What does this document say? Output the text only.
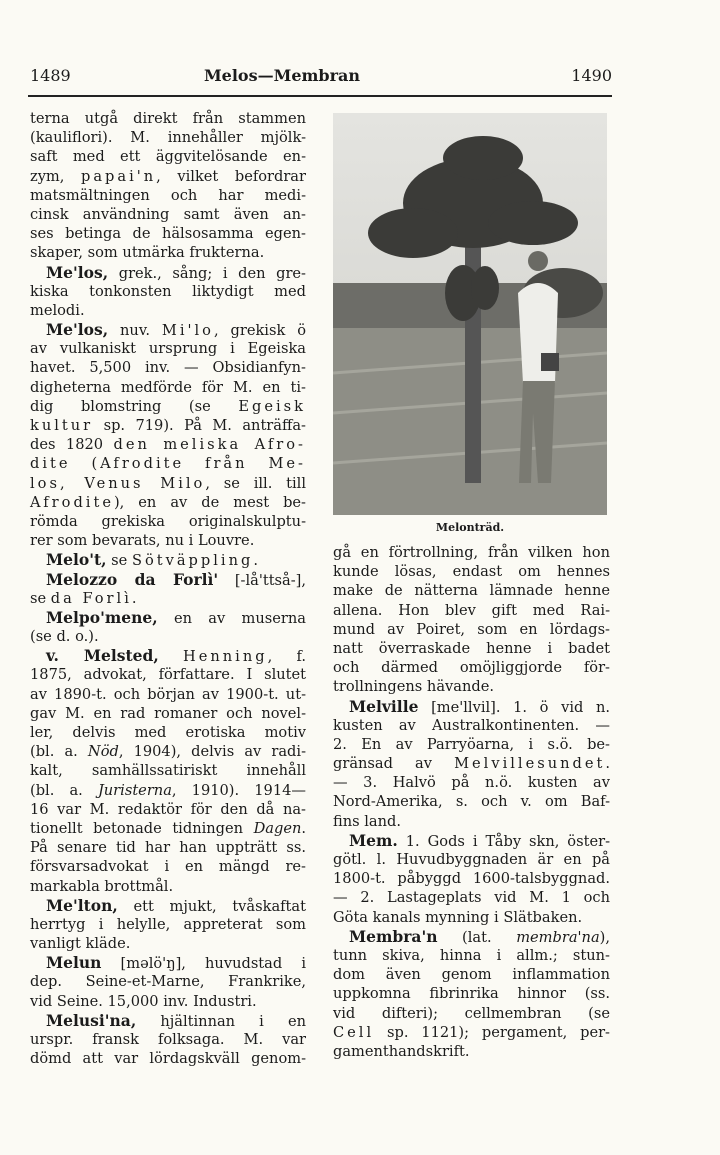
1489	Melos—Membran	1490
terna utgå direkt från stammen
(kauliflori). M. innehåller mjölk-
saft med ett äggvitelösande en-
zym, papai'n, vilket befordrar
matsmältningen och har medi-
cinsk användning samt även an-
ses betinga de hälsosamma egen-
skaper, som utmärka frukterna.
Me'los, grek., sång; i den gre-
kiska tonkonsten liktydigt med
melodi.
Me'los, nuv. Mi'lo, grekisk ö
av vulkaniskt ursprung i Egeiska
havet. 5,500 inv. — Obsidianfyn-
digheterna medförde för M. en ti-
dig blomstring (se Egeisk
kultur sp. 719). På M. anträffa-
des 1820 den meliska Afro-
dite (Afrodite från Me-
los, Venus Milo, se ill. till
Afrodite), en av de mest be-
römda grekiska originalskulptu-
rer som bevarats, nu i Louvre.
Melo't, se Sötväppling.
Melozzo da Forlì' [-lå'ttså-],
se da Forlì.
Melpo'mene, en av muserna
(se d. o.).
v. Melsted, Henning, f.
1875, advokat, författare. I slutet
av 1890-t. och början av 1900-t. ut-
gav M. en rad romaner och novel-
ler, delvis med erotiska motiv
(bl. a. Nöd, 1904), delvis av radi-
kalt, samhällssatiriskt innehåll
(bl. a. Juristerna, 1910). 1914—
16 var M. redaktör för den då na-
tionellt betonade tidningen Dagen.
På senare tid har han uppträtt ss.
försvarsadvokat i en mängd re-
markabla brottmål.
Me'lton, ett mjukt, tvåskaftat
herrtyg i helylle, appreterat som
vanligt kläde.
Melun [məlö'ŋ], huvudstad i
dep. Seine-et-Marne, Frankrike,
vid Seine. 15,000 inv. Industri.
Melusi'na, hjältinnan i en
urspr. fransk folksaga. M. var
dömd att var lördagskväll genom-
Melonträd.
gå en förtrollning, från vilken hon
kunde lösas, endast om hennes
make de nätterna lämnade henne
allena. Hon blev gift med Rai-
mund av Poiret, som en lördags-
natt överraskade henne i badet
och därmed omöjliggjorde för-
trollningens hävande.
Melville [me'llvil]. 1. ö vid n.
kusten av Australkontinenten. —
2. En av Parryöarna, i s.ö. be-
gränsad av Melvillesundet.
— 3. Halvö på n.ö. kusten av
Nord-Amerika, s. och v. om Baf-
fins land.
Mem. 1. Gods i Tåby skn, öster-
götl. l. Huvudbyggnaden är en på
1800-t. påbyggd 1600-talsbyggnad.
— 2. Lastageplats vid M. 1 och
Göta kanals mynning i Slätbaken.
Membra'n (lat. membra'na),
tunn skiva, hinna i allm.; stun-
dom även genom inflammation
uppkomna fibrinrika hinnor (ss.
vid difteri); cellmembran (se
Cell sp. 1121); pergament, per-
gamenthandskrift.
